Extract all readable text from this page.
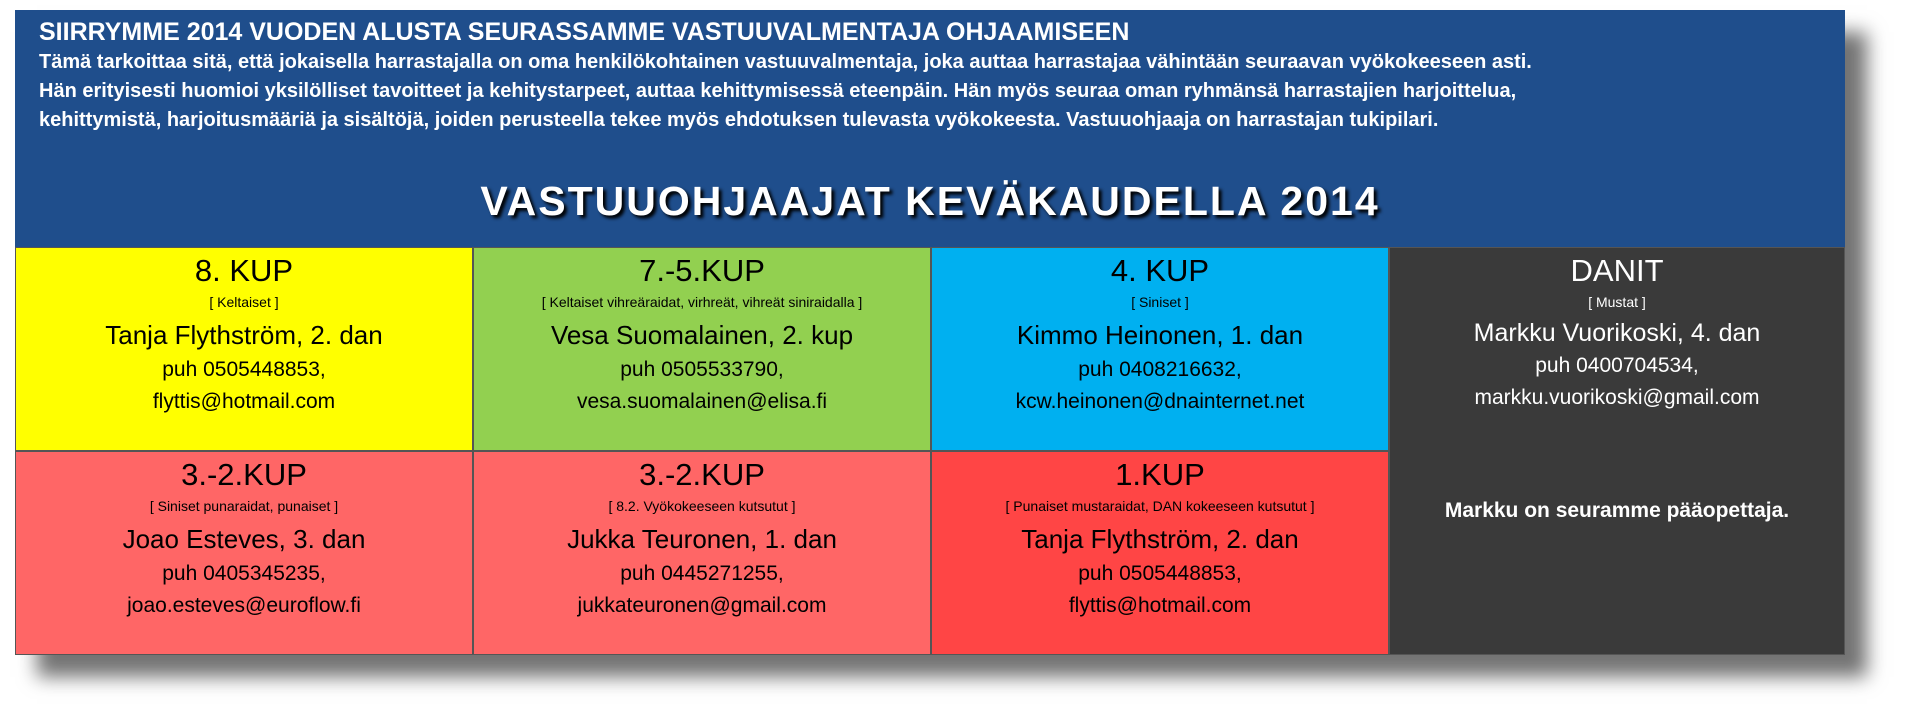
SIIRRYMME 2014 VUODEN ALUSTA SEURASSAMME VASTUUVALMENTAJA OHJAAMISEEN
Tämä tarkoittaa sitä, että jokaisella harrastajalla on oma henkilökohtainen vastuuvalmentaja, joka auttaa harrastajaa vähintään seuraavan vyökokeeseen asti.
Hän erityisesti huomioi yksilölliset tavoitteet ja kehitystarpeet, auttaa kehittymisessä eteenpäin. Hän myös seuraa oman ryhmänsä harrastajien harjoittelua,
kehittymistä, harjoitusmääriä ja sisältöjä, joiden perusteella tekee myös ehdotuksen tulevasta vyökokeesta. Vastuuohjaaja on harrastajan tukipilari.
VASTUUOHJAAJAT KEVÄKAUDELLA 2014
8. KUP
[ Keltaiset ]
Tanja Flythström, 2. dan
puh 0505448853,
flyttis@hotmail.com
7.-5.KUP
[ Keltaiset vihreäraidat, virhreät, vihreät siniraidalla ]
Vesa Suomalainen, 2. kup
puh 0505533790,
vesa.suomalainen@elisa.fi
4. KUP
[ Siniset ]
Kimmo Heinonen, 1. dan
puh 0408216632,
kcw.heinonen@dnainternet.net
DANIT
[ Mustat ]
Markku Vuorikoski, 4. dan
puh 0400704534,
markku.vuorikoski@gmail.com
Markku on seuramme pääopettaja.
3.-2.KUP
[ Siniset punaraidat, punaiset ]
Joao Esteves, 3. dan
puh 0405345235,
joao.esteves@euroflow.fi
3.-2.KUP
[ 8.2. Vyökokeeseen kutsutut ]
Jukka Teuronen, 1. dan
puh 0445271255,
jukkateuronen@gmail.com
1.KUP
[ Punaiset mustaraidat, DAN kokeeseen kutsutut ]
Tanja Flythström, 2. dan
puh 0505448853,
flyttis@hotmail.com
